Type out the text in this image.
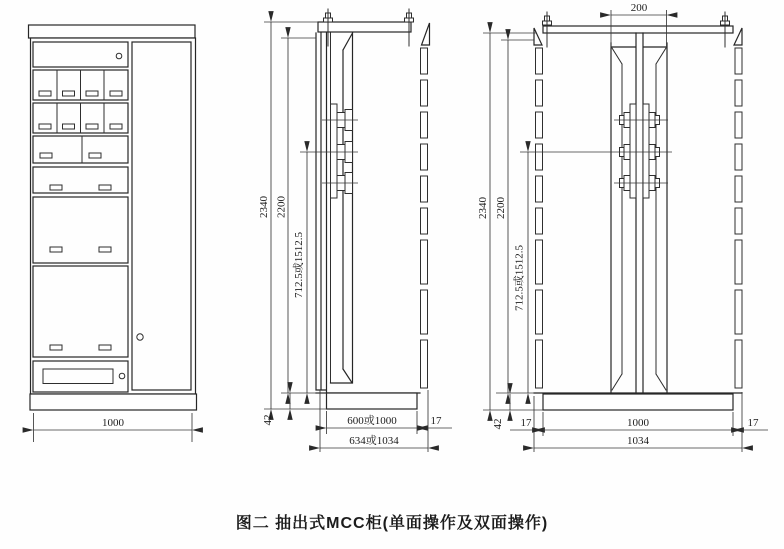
1000
2340 2200
712.5或1512.5
42	600或1000	17
634或1034
200
2340 2200
712.5或1512.5
42 17	1000	17
1034
图二 抽出式MCC柜(单面操作及双面操作)
